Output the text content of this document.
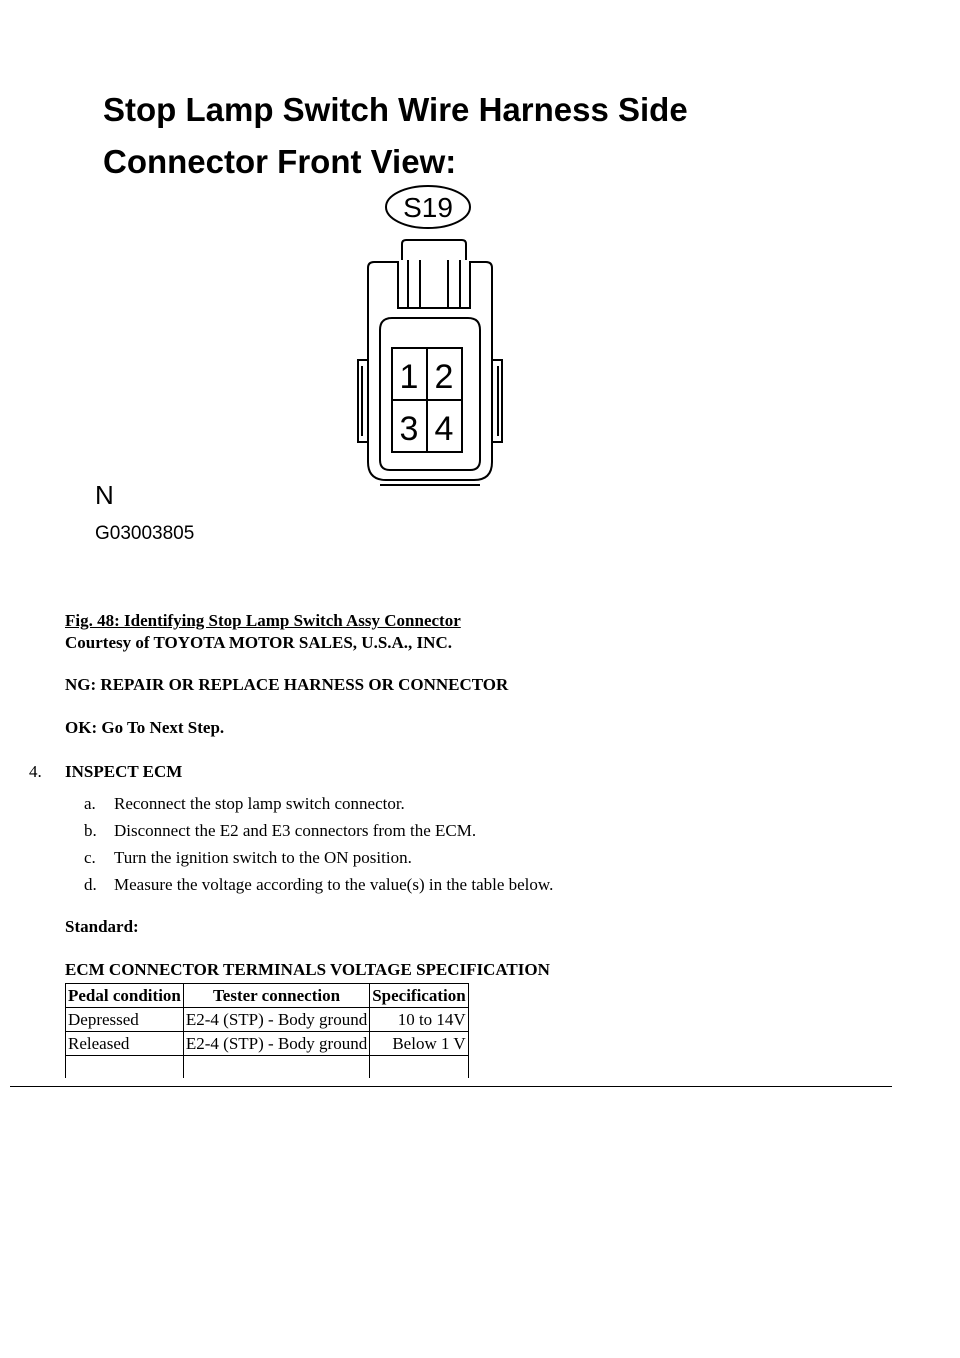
Stop Lamp Switch Wire Harness Side
Connector Front View:
S19
1 2
3 4
N
G03003805
Fig. 48: Identifying Stop Lamp Switch Assy Connector
Courtesy of TOYOTA MOTOR SALES, U.S.A., INC.
NG: REPAIR OR REPLACE HARNESS OR CONNECTOR
OK: Go To Next Step.
4. INSPECT ECM
a. Reconnect the stop lamp switch connector.
b. Disconnect the E2 and E3 connectors from the ECM.
c. Turn the ignition switch to the ON position.
d. Measure the voltage according to the value(s) in the table below.
Standard:
ECM CONNECTOR TERMINALS VOLTAGE SPECIFICATION
Pedal condition	Tester connection	Specification
Depressed	E2-4 (STP) - Body ground	10 to 14V
Released	E2-4 (STP) - Body ground	Below 1 V
